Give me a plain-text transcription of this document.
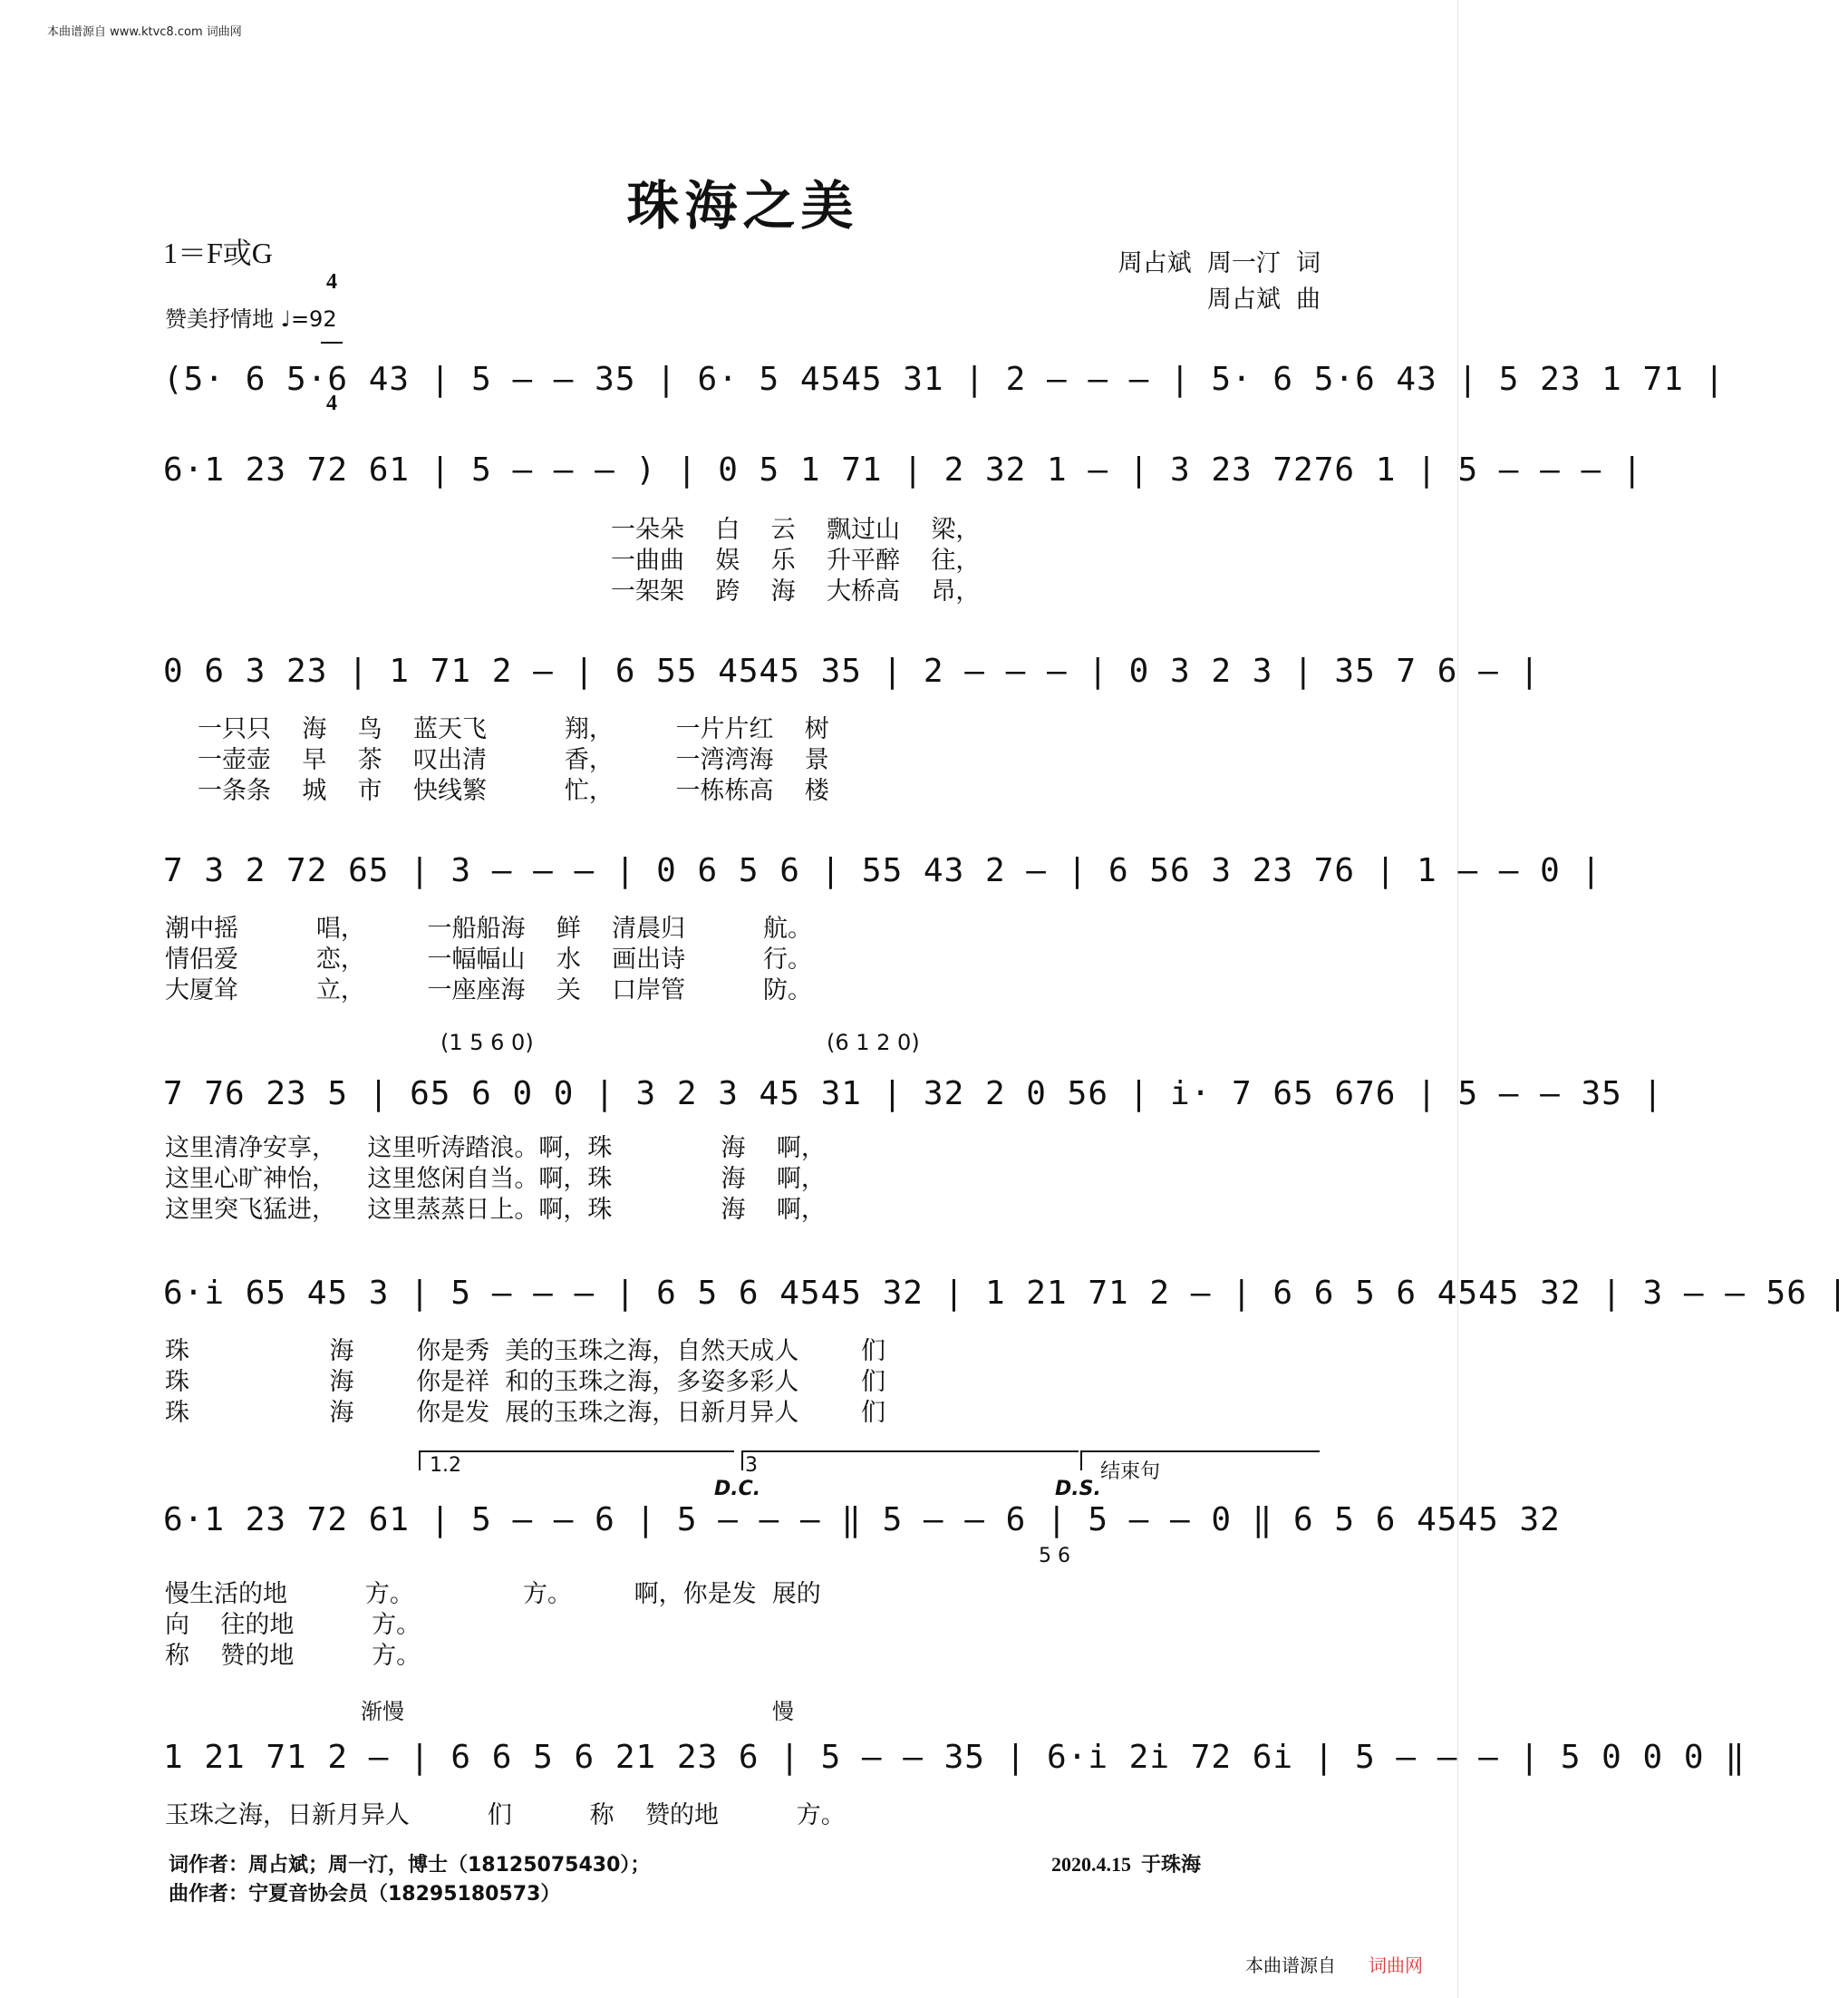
本曲谱源自 www.ktvc8.com 词曲网
珠海之美
1＝F或G

4

4

赞美抒情地 ♩=92
周占斌  周一汀  词
周占斌  曲
(5· 6 5·6 43 | 5 — — 35 | 6· 5 4545 31 | 2 — — — | 5· 6 5·6 43 | 5 23 1 71 |
6·1 23 72 61 | 5 — — — ) | 0 5 1 71 | 2 32 1 — | 3 23 7276 1 | 5 — — — |
一朵朵    白    云    飘过山    梁，
一曲曲    娱    乐    升平醉    往，
一架架    跨    海    大桥高    昂，
0 6 3 23 | 1 71 2 — | 6 55 4545 35 | 2 — — — | 0 3 2 3 | 35 7 6 — |
一只只    海    鸟    蓝天飞          翔，        一片片红    树
一壶壶    早    茶    叹出清          香，        一湾湾海    景
一条条    城    市    快线繁          忙，        一栋栋高    楼
7 3 2 72 65 | 3 — — — | 0 6 5 6 | 55 43 2 — | 6 56 3 23 76 | 1 — — 0 |
潮中摇          唱，        一船船海    鲜    清晨归          航。
情侣爱          恋，        一幅幅山    水    画出诗          行。
大厦耸          立，        一座座海    关    口岸管          防。
(1 5 6 0)	(6 1 2 0)
7 76 23 5 | 65 6 0 0 | 3 2 3 45 31 | 32 2 0 56 | i· 7 65 676 | 5 — — 35 |
这里清净安享，    这里听涛踏浪。啊，珠              海    啊，
这里心旷神怡，    这里悠闲自当。啊，珠              海    啊，
这里突飞猛进，    这里蒸蒸日上。啊，珠              海    啊，
6·i 65 45 3 | 5 — — — | 6 5 6 4545 32 | 1 21 71 2 — | 6 6 5 6 4545 32 | 3 — — 56 |
珠                  海        你是秀  美的玉珠之海，自然天成人        们
珠                  海        你是祥  和的玉珠之海，多姿多彩人        们
珠                  海        你是发  展的玉珠之海，日新月异人        们
1.2	3	结束句
D.C.	D.S.
6·1 23 72 61 | 5 — — 6 | 5 — — — ‖ 5 — — 6 | 5 — — 0 ‖ 6 5 6 4545 32
5 6
慢生活的地          方。              方。        啊，你是发  展的
向    往的地          方。
称    赞的地          方。
渐慢	慢
1 21 71 2 — | 6 6 5 6 21 23 6 | 5 — — 35 | 6·i 2i 72 6i | 5 — — — | 5 0 0 0 ‖
玉珠之海，日新月异人          们          称    赞的地          方。
词作者：周占斌；周一汀，博士（18125075430）；
曲作者：宁夏音协会员（18295180573）
2020.4.15  于珠海
本曲谱源自 词曲网
